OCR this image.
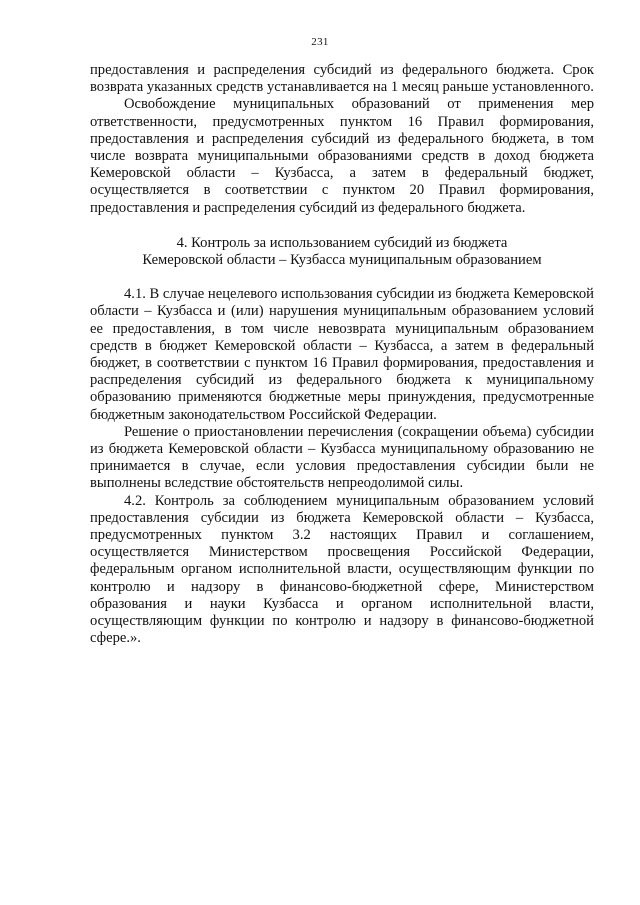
231

предоставления и распределения субсидий из федерального бюджета. Срок возврата указанных средств устанавливается на 1 месяц раньше установленного.

Освобождение муниципальных образований от применения мер ответственности, предусмотренных пунктом 16 Правил формирования, предоставления и распределения субсидий из федерального бюджета, в том числе возврата муниципальными образованиями средств в доход бюджета Кемеровской области – Кузбасса, а затем в федеральный бюджет, осуществляется в соответствии с пунктом 20 Правил формирования, предоставления и распределения субсидий из федерального бюджета.

4. Контроль за использованием субсидий из бюджета
Кемеровской области – Кузбасса муниципальным образованием

4.1. В случае нецелевого использования субсидии из бюджета Кемеровской области – Кузбасса и (или) нарушения муниципальным образованием условий ее предоставления, в том числе невозврата муниципальным образованием средств в бюджет Кемеровской области – Кузбасса, а затем в федеральный бюджет, в соответствии с пунктом 16 Правил формирования, предоставления и распределения субсидий из федерального бюджета к муниципальному образованию применяются бюджетные меры принуждения, предусмотренные бюджетным законодательством Российской Федерации.

Решение о приостановлении перечисления (сокращении объема) субсидии из бюджета Кемеровской области – Кузбасса муниципальному образованию не принимается в случае, если условия предоставления субсидии были не выполнены вследствие обстоятельств непреодолимой силы.

4.2. Контроль за соблюдением муниципальным образованием условий предоставления субсидии из бюджета Кемеровской области – Кузбасса, предусмотренных пунктом 3.2 настоящих Правил и соглашением, осуществляется Министерством просвещения Российской Федерации, федеральным органом исполнительной власти, осуществляющим функции по контролю и надзору в финансово-бюджетной сфере, Министерством образования и науки Кузбасса и органом исполнительной власти, осуществляющим функции по контролю и надзору в финансово-бюджетной сфере.».
